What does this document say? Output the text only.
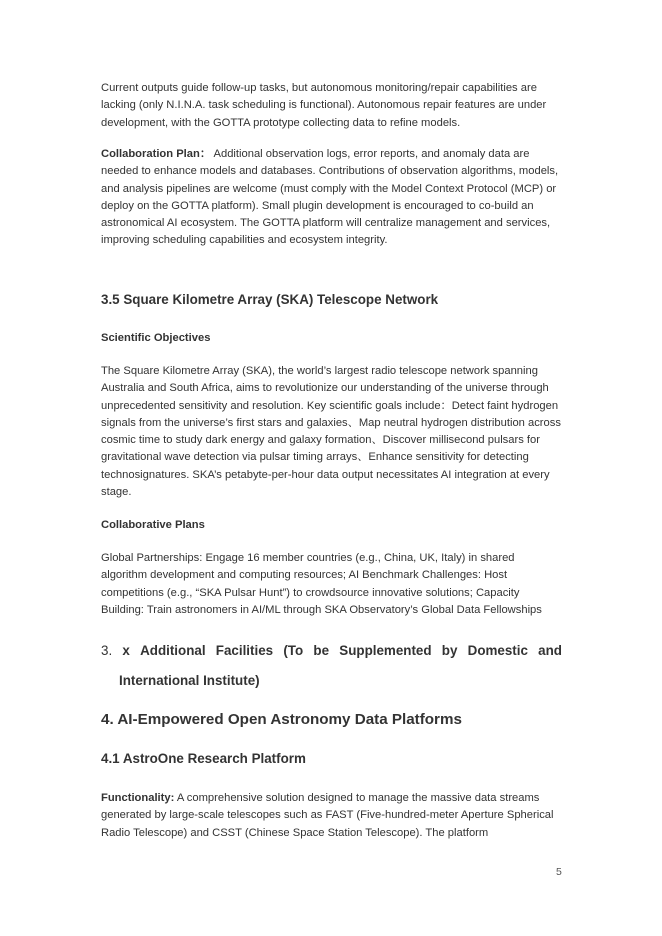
Current outputs guide follow-up tasks, but autonomous monitoring/repair capabilities are lacking (only N.I.N.A. task scheduling is functional). Autonomous repair features are under development, with the GOTTA prototype collecting data to refine models.

Collaboration Plan： Additional observation logs, error reports, and anomaly data are needed to enhance models and databases. Contributions of observation algorithms, models, and analysis pipelines are welcome (must comply with the Model Context Protocol (MCP) or deploy on the GOTTA platform). Small plugin development is encouraged to co-build an astronomical AI ecosystem. The GOTTA platform will centralize management and services, improving scheduling capabilities and ecosystem integrity.

3.5 Square Kilometre Array (SKA) Telescope Network
Scientific Objectives

The Square Kilometre Array (SKA), the world’s largest radio telescope network spanning Australia and South Africa, aims to revolutionize our understanding of the universe through unprecedented sensitivity and resolution. Key scientific goals include：Detect faint hydrogen signals from the universe’s first stars and galaxies、Map neutral hydrogen distribution across cosmic time to study dark energy and galaxy formation、Discover millisecond pulsars for gravitational wave detection via pulsar timing arrays、Enhance sensitivity for detecting technosignatures. SKA’s petabyte-per-hour data output necessitates AI integration at every stage.

Collaborative Plans

Global Partnerships: Engage 16 member countries (e.g., China, UK, Italy) in shared algorithm development and computing resources; AI Benchmark Challenges: Host competitions (e.g., “SKA Pulsar Hunt”) to crowdsource innovative solutions; Capacity Building: Train astronomers in AI/ML through SKA Observatory’s Global Data Fellowships

3. x Additional Facilities (To be Supplemented by Domestic and
International Institute)
4. AI-Empowered Open Astronomy Data Platforms
4.1 AstroOne Research Platform

Functionality: A comprehensive solution designed to manage the massive data streams generated by large-scale telescopes such as FAST (Five-hundred-meter Aperture Spherical Radio Telescope) and CSST (Chinese Space Station Telescope). The platform

5
